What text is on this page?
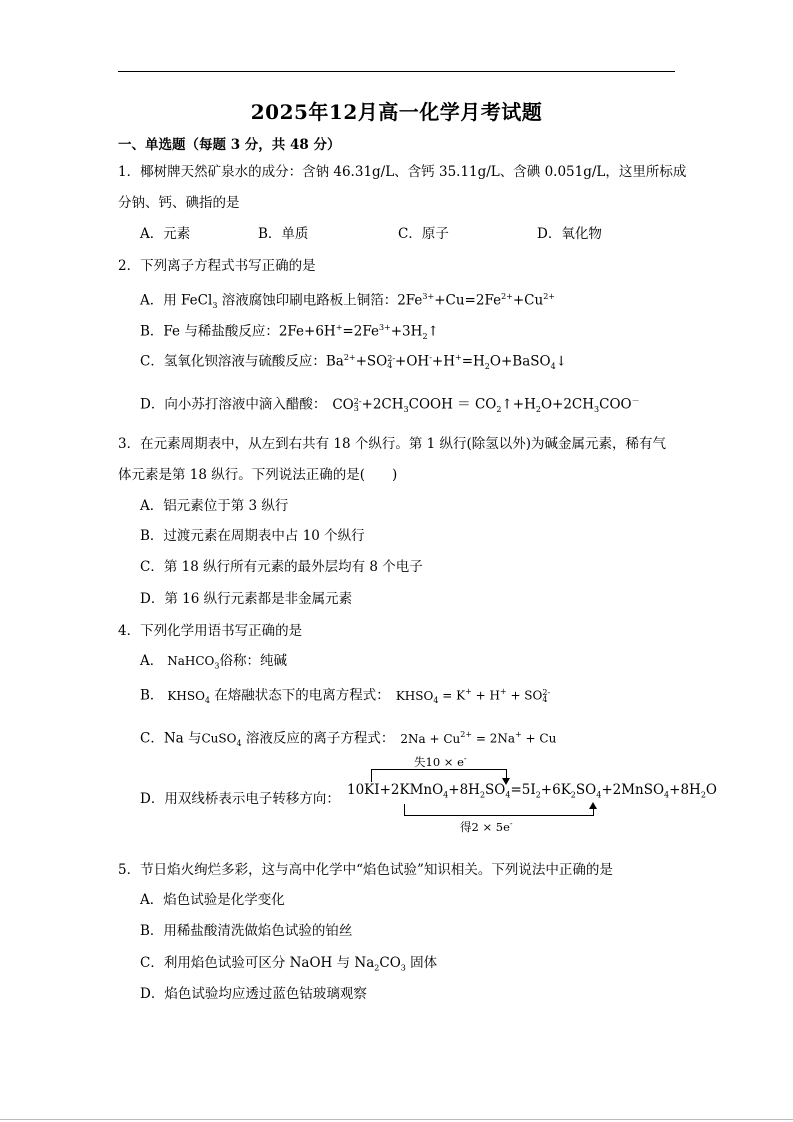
2025年12月高一化学月考试题
一、单选题（每题 3 分，共 48 分）
1．椰树牌天然矿泉水的成分：含钠 46.31g/L、含钙 35.11g/L、含碘 0.051g/L，这里所标成
分钠、钙、碘指的是
A．元素	B．单质	C．原子	D．氧化物
2．下列离子方程式书写正确的是
A．用 FeCl$_3$ 溶液腐蚀印刷电路板上铜箔：$2Fe^{3+}+Cu=2Fe^{2+}+Cu^{2+}$
B．Fe 与稀盐酸反应：$2Fe+6H^+=2Fe^{3+}+3H_2↑$
C．氢氧化钡溶液与硫酸反应：$Ba^{2+}+SO$ 2-
$4 +OH^-+H^+=H_2O+BaSO_4↓$
D．向小苏打溶液中滴入醋酸： CO 2-
$3 +2CH_3COOH$ ＝ $CO_2↑+H_2O+2CH_3COO^-$
3．在元素周期表中，从左到右共有 18 个纵行。第 1 纵行(除氢以外)为碱金属元素，稀有气
体元素是第 18 纵行。下列说法正确的是(　　)
A．铝元素位于第 3 纵行
B．过渡元素在周期表中占 10 个纵行
C．第 18 纵行所有元素的最外层均有 8 个电子
D．第 16 纵行元素都是非金属元素
4．下列化学用语书写正确的是
A． NaHCO$_3$俗称：纯碱
B． $KHSO_4$ 在熔融状态下的电离方程式： $KHSO_4 = K^+ + H^+$ + SO 2-
4
C．Na 与CuSO$_4$ 溶液反应的离子方程式： $2Na + Cu^{2+} = 2Na^+ + Cu$
D．用双线桥表示电子转移方向：
失10 × e-
$10KI+2KMnO_4+8H_2SO_4=5I_2+6K_2SO_4+2MnSO_4+8H_2O$
得2 × 5e-
5．节日焰火绚烂多彩，这与高中化学中“焰色试验”知识相关。下列说法中正确的是
A．焰色试验是化学变化
B．用稀盐酸清洗做焰色试验的铂丝
C．利用焰色试验可区分 NaOH 与 $Na_2CO_3$ 固体
D．焰色试验均应透过蓝色钴玻璃观察
